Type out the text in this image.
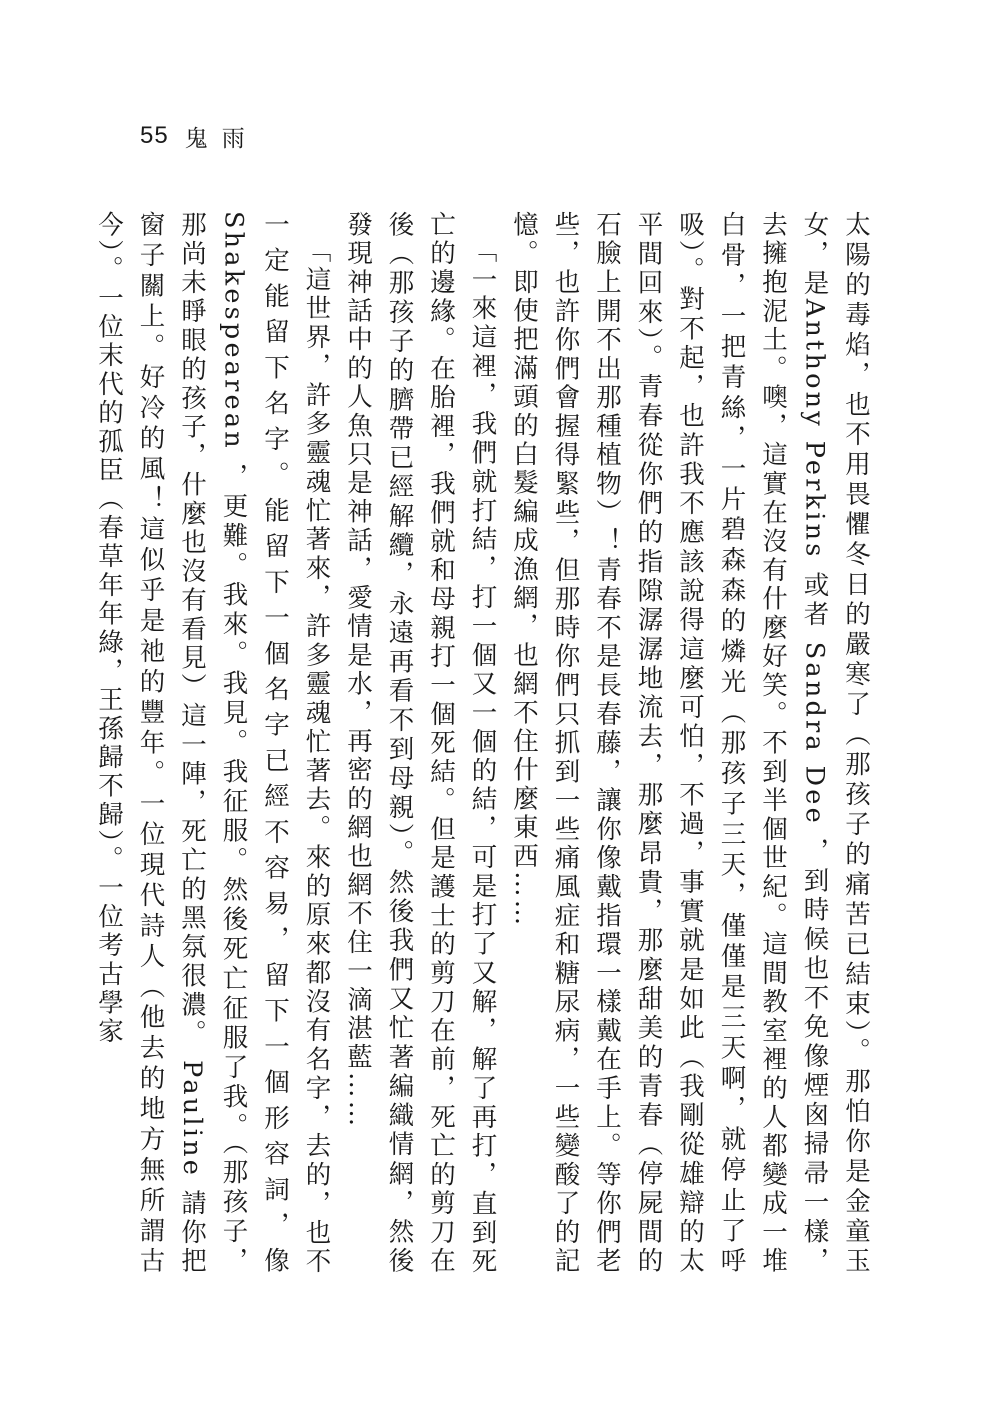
55 鬼雨

太陽的毒焰，也不用畏懼冬日的嚴寒了（那孩子的痛苦已結束）。那怕你是金童玉女，是Anthony Perkins 或者 Sandra Dee ，到時候也不免像煙囪掃帚一樣，去擁抱泥土。噢，這實在沒有什麼好笑。不到半個世紀。這間教室裡的人都變成一堆白骨，一把青絲，一片碧森森的燐光（那孩子三天，僅僅是三天啊，就停止了呼吸）。對不起，也許我不應該說得這麼可怕，不過，事實就是如此（我剛從雄辯的太平間回來）。青春從你們的指隙潺潺地流去，那麼昂貴，那麼甜美的青春（停屍間的石臉上開不出那種植物）！青春不是長春藤，讓你像戴指環一樣戴在手上。等你們老些，也許你們會握得緊些，但那時你們只抓到一些痛風症和糖尿病，一些變酸了的記憶。即使把滿頭的白髮編成漁網，也網不住什麼東西……

「一來這裡，我們就打結，打一個又一個的結，可是打了又解，解了再打，直到死亡的邊緣。在胎裡，我們就和母親打一個死結。但是護士的剪刀在前，死亡的剪刀在後（那孩子的臍帶已經解纜，永遠再看不到母親）。然後我們又忙著編織情網，然後發現神話中的人魚只是神話，愛情是水，再密的網也網不住一滴湛藍……

「這世界，許多靈魂忙著來，許多靈魂忙著去。來的原來都沒有名字，去的，也不一定能留下名字。能留下一個名字已經不容易，留下一個形容詞，像 Shakespearean ，更難。我來。我見。我征服。然後死亡征服了我。（那孩子，那尚未睜眼的孩子，什麼也沒有看見）這一陣，死亡的黑氛很濃。 Pauline 請你把窗子關上。好冷的風！這似乎是祂的豐年。一位現代詩人（他去的地方無所謂古今）。一位末代的孤臣（春草年年綠，王孫歸不歸）。一位考古學家
